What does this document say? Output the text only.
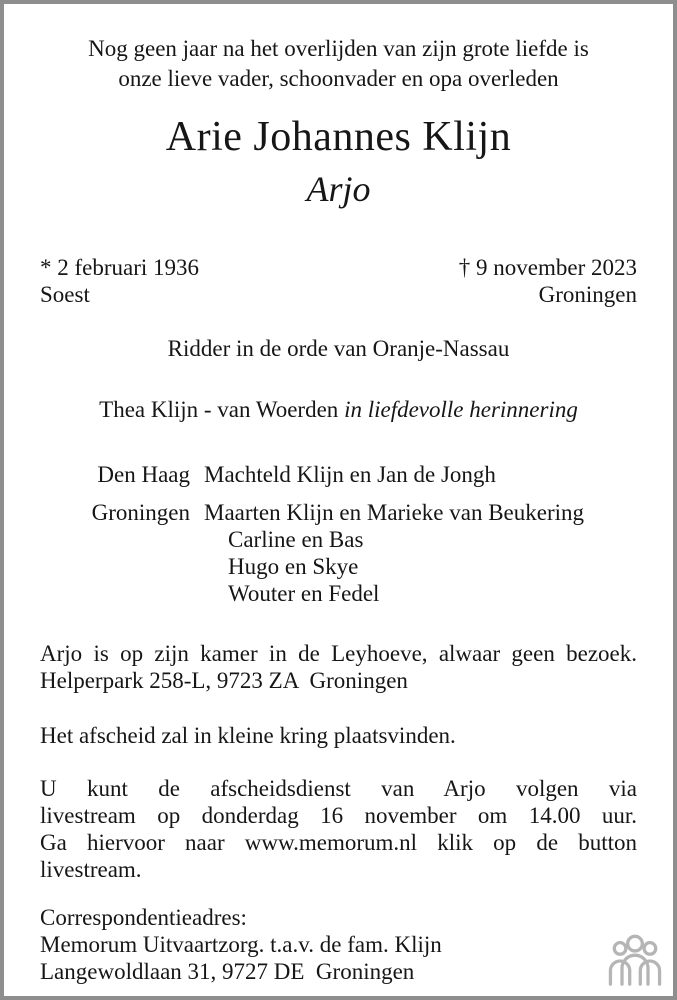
Nog geen jaar na het overlijden van zijn grote liefde is
onze lieve vader, schoonvader en opa overleden
Arie Johannes Klijn
Arjo
* 2 februari 1936
Soest
† 9 november 2023
Groningen
Ridder in de orde van Oranje-Nassau
Thea Klijn - van Woerden in liefdevolle herinnering
Den Haag Machteld Klijn en Jan de Jongh
Groningen Maarten Klijn en Marieke van Beukering
Carline en Bas
Hugo en Skye
Wouter en Fedel
Arjo is op zijn kamer in de Leyhoeve, alwaar geen bezoek.
Helperpark 258-L, 9723 ZA  Groningen
Het afscheid zal in kleine kring plaatsvinden.
U kunt de afscheidsdienst van Arjo volgen via
livestream op donderdag 16 november om 14.00 uur.
Ga hiervoor naar www.memorum.nl klik op de button
livestream.
Correspondentieadres:
Memorum Uitvaartzorg. t.a.v. de fam. Klijn
Langewoldlaan 31, 9727 DE  Groningen
